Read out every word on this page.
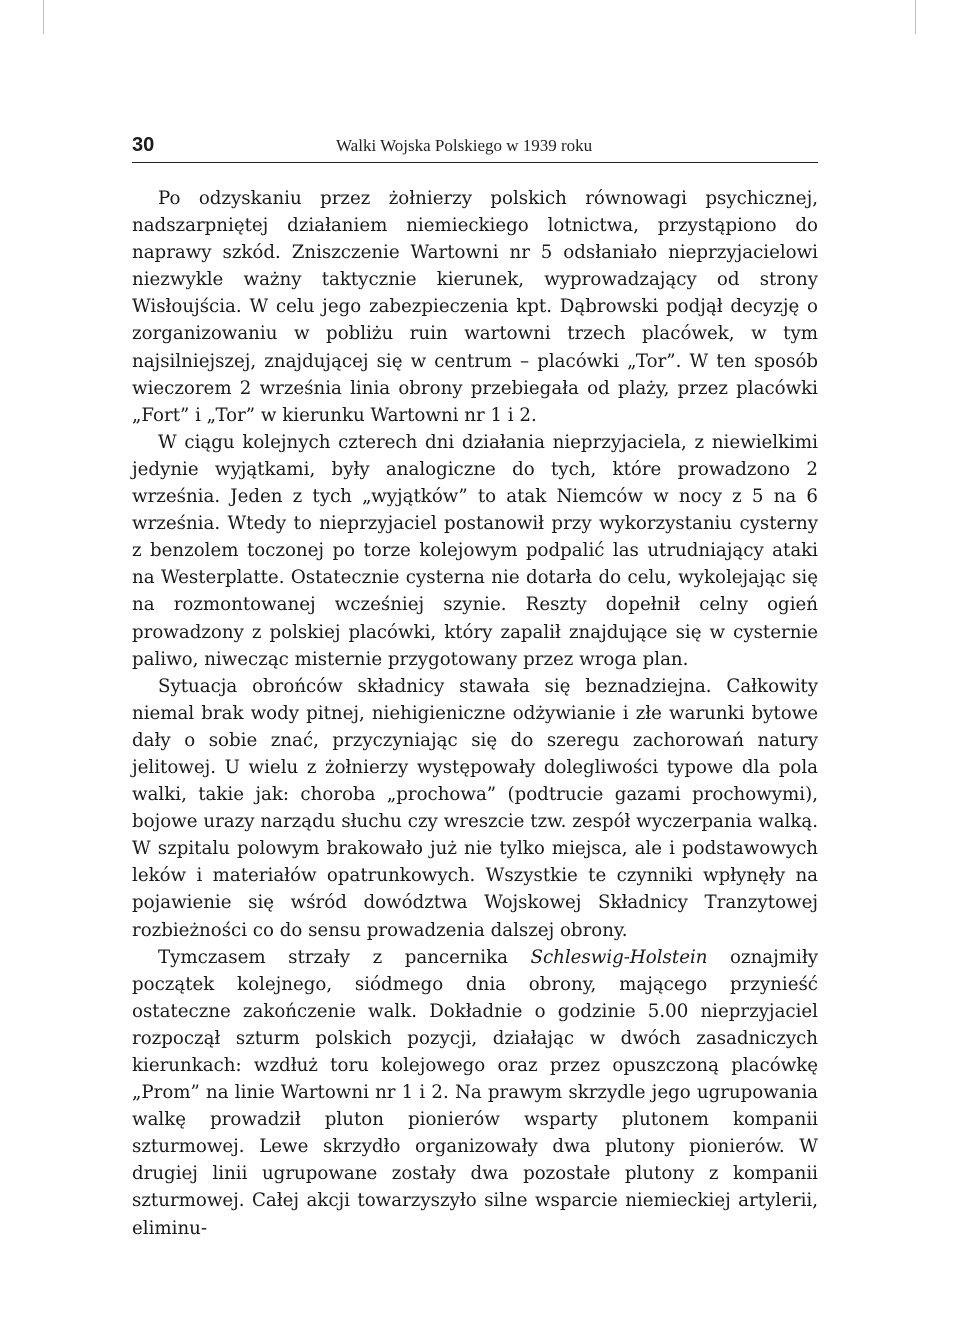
30	Walki Wojska Polskiego w 1939 roku

Po odzyskaniu przez żołnierzy polskich równowagi psychicznej, nadszarpniętej działaniem niemieckiego lotnictwa, przystąpiono do naprawy szkód. Zniszczenie Wartowni nr 5 odsłaniało nieprzyjacielowi niezwykle ważny taktycznie kierunek, wyprowadzający od strony Wisłoujścia. W celu jego zabezpieczenia kpt. Dąbrowski podjął decyzję o zorganizowaniu w pobliżu ruin wartowni trzech placówek, w tym najsilniejszej, znajdującej się w centrum – placówki „Tor”. W ten sposób wieczorem 2 września linia obrony przebiegała od plaży, przez placówki „Fort” i „Tor” w kierunku Wartowni nr 1 i 2.

W ciągu kolejnych czterech dni działania nieprzyjaciela, z niewielkimi jedynie wyjątkami, były analogiczne do tych, które prowadzono 2 września. Jeden z tych „wyjątków” to atak Niemców w nocy z 5 na 6 września. Wtedy to nieprzyjaciel postanowił przy wykorzystaniu cysterny z benzolem toczonej po torze kolejowym podpalić las utrudniający ataki na Westerplatte. Ostatecznie cysterna nie dotarła do celu, wykolejając się na rozmontowanej wcześniej szynie. Reszty dopełnił celny ogień prowadzony z polskiej placówki, który zapalił znajdujące się w cysternie paliwo, niwecząc misternie przygotowany przez wroga plan.

Sytuacja obrońców składnicy stawała się beznadziejna. Całkowity niemal brak wody pitnej, niehigieniczne odżywianie i złe warunki bytowe dały o sobie znać, przyczyniając się do szeregu zachorowań natury jelitowej. U wielu z żołnierzy występowały dolegliwości typowe dla pola walki, takie jak: choroba „prochowa” (podtrucie gazami prochowymi), bojowe urazy narządu słuchu czy wreszcie tzw. zespół wyczerpania walką. W szpitalu polowym brakowało już nie tylko miejsca, ale i podstawowych leków i materiałów opatrunkowych. Wszystkie te czynniki wpłynęły na pojawienie się wśród dowództwa Wojskowej Składnicy Tranzytowej rozbieżności co do sensu prowadzenia dalszej obrony.

Tymczasem strzały z pancernika Schleswig-Holstein oznajmiły początek kolejnego, siódmego dnia obrony, mającego przynieść ostateczne zakończenie walk. Dokładnie o godzinie 5.00 nieprzyjaciel rozpoczął szturm polskich pozycji, działając w dwóch zasadniczych kierunkach: wzdłuż toru kolejowego oraz przez opuszczoną placówkę „Prom” na linie Wartowni nr 1 i 2. Na prawym skrzydle jego ugrupowania walkę prowadził pluton pionierów wsparty plutonem kompanii szturmowej. Lewe skrzydło organizowały dwa plutony pionierów. W drugiej linii ugrupowane zostały dwa pozostałe plutony z kompanii szturmowej. Całej akcji towarzyszyło silne wsparcie niemieckiej artylerii, eliminu-
